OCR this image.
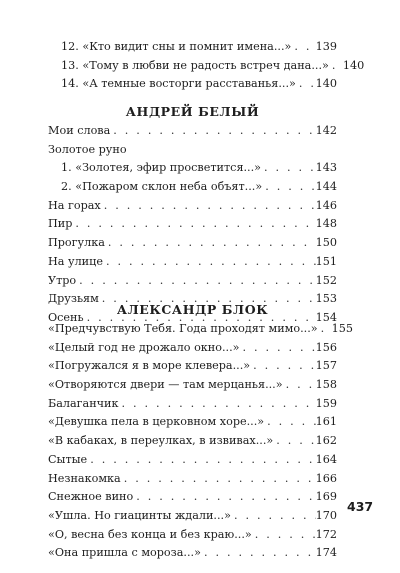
12. «Кто видит сны и помнит имена...» . . . 139
13. «Тому в любви не радость встреч дана...» . . . 140
14. «А темные восторги расставанья...» . . . 140
АНДРЕЙ БЕЛЫЙ
Мои слова . . .	142
Золотое руно
1. «Золотея, эфир просветится...» . . .	143
2. «Пожаром склон неба объят...» . . .	144
На горах . . .	146
Пир . . .	148
Прогулка . . .	150
На улице . . .	151
Утро . . .	152
Друзьям . . .	153
Осень . . .	154
АЛЕКСАНДР БЛОК
«Предчувствую Тебя. Года проходят мимо...» . . . 155
«Целый год не дрожало окно...» . . .	156
«Погружался я в море клевера...» . . .	157
«Отворяются двери — там мерцанья...» . . .	158
Балаганчик . . .	159
«Девушка пела в церковном хоре...» . . .	161
«В кабаках, в переулках, в извивах...» . . .	162
Сытые . . .	164
Незнакомка . . .	166
Снежное вино . . .	169
«Ушла. Но гиацинты ждали...» . . .	170
«О, весна без конца и без краю...» . . .	172
«Она пришла с мороза...» . . .	174
437
